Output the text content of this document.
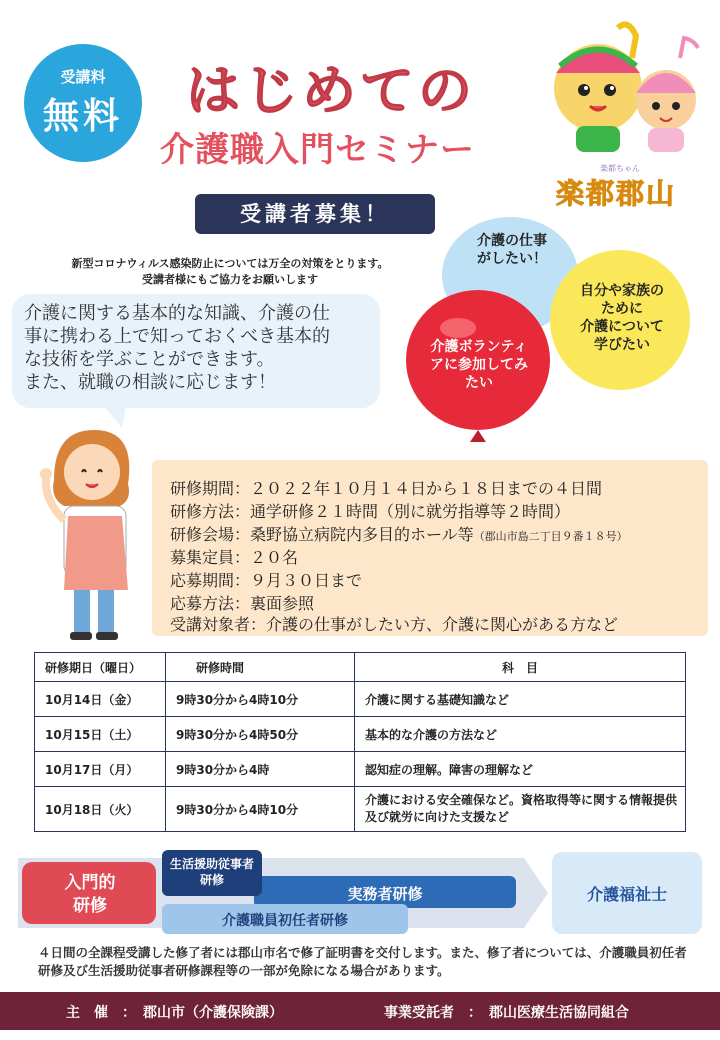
受講料
無料	はじめての
介護職入門セミナー	楽都ちゃん
楽都郡山
受講者募集！
新型コロナウィルス感染防止については万全の対策をとります。
受講者様にもご協力をお願いします
介護に関する基本的な知識、介護の仕
事に携わる上で知っておくべき基本的
な技術を学ぶことができます。
また、就職の相談に応じます！
介護の仕事
がしたい！
自分や家族の
ために
介護について
学びたい
介護ボランティ
アに参加してみ
たい
研修期間：２０２２年１０月１４日から１８日までの４日間
研修方法：通学研修２１時間（別に就労指導等２時間）
研修会場：桑野協立病院内多目的ホール等（郡山市島二丁目９番１８号）
募集定員：２０名
応募期間：９月３０日まで
応募方法：裏面参照
受講対象者：介護の仕事がしたい方、介護に関心がある方など
研修期日（曜日）	研修時間	科　目
10月14日（金）	9時30分から4時10分	介護に関する基礎知識など
10月15日（土）	9時30分から4時50分	基本的な介護の方法など
10月17日（月）	9時30分から4時	認知症の理解。障害の理解など
10月18日（火）	9時30分から4時10分	介護における安全確保など。資格取得等に関する情報提供及び就労に向けた支援など
入門的研修
生活援助従事者研修
実務者研修
介護職員初任者研修
介護福祉士
４日間の全課程受講した修了者には郡山市名で修了証明書を交付します。また、修了者については、介護職員初任者研修及び生活援助従事者研修課程等の一部が免除になる場合があります。
主　催　：　郡山市（介護保険課）	事業受託者　：　郡山医療生活協同組合
